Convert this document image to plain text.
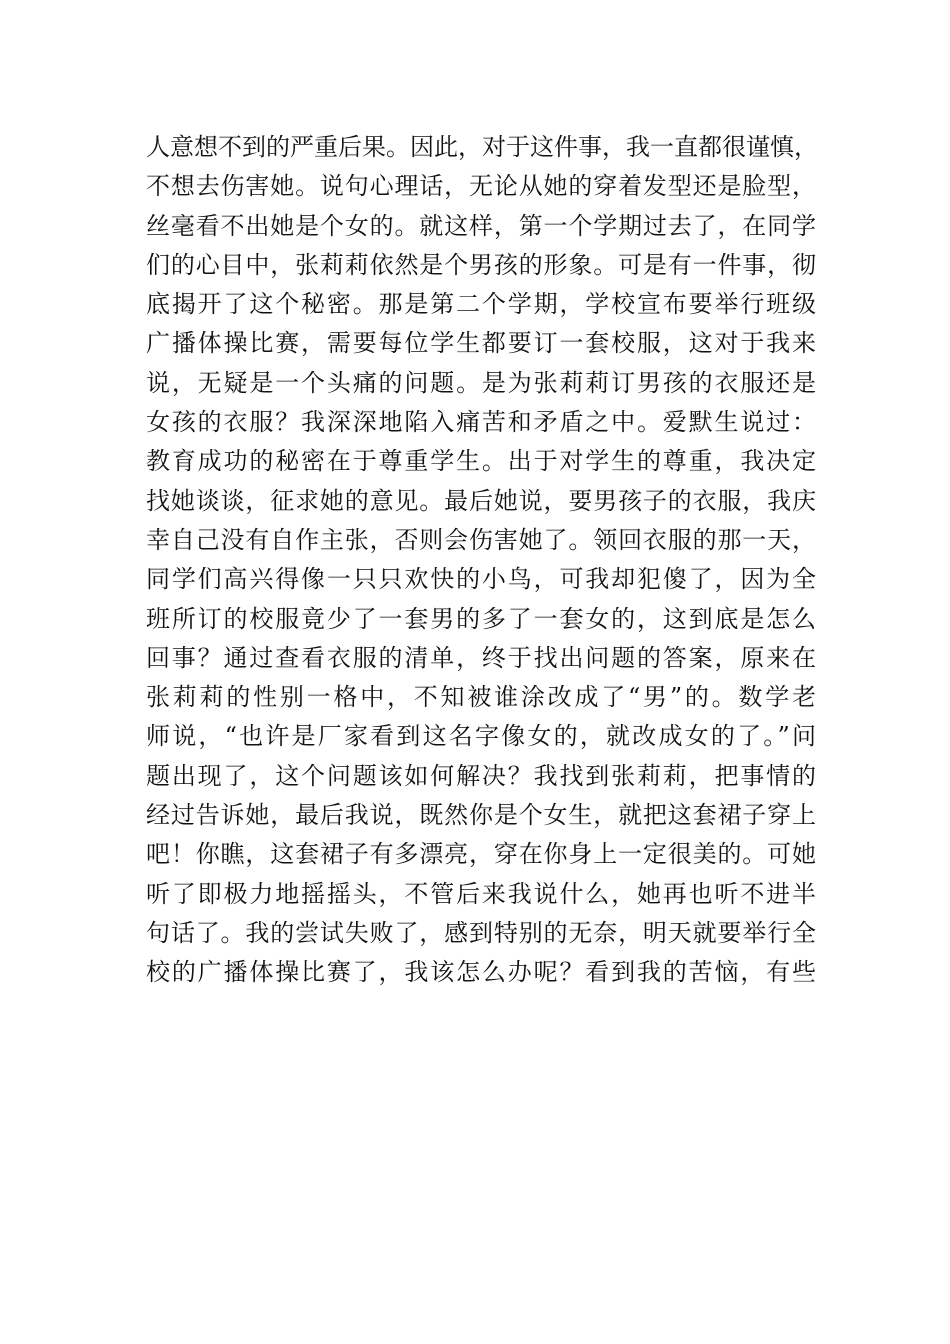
人意想不到的严重后果。因此，对于这件事，我一直都很谨慎，
不想去伤害她。说句心理话，无论从她的穿着发型还是脸型，
丝毫看不出她是个女的。就这样，第一个学期过去了，在同学
们的心目中，张莉莉依然是个男孩的形象。可是有一件事，彻
底揭开了这个秘密。那是第二个学期，学校宣布要举行班级
广播体操比赛，需要每位学生都要订一套校服，这对于我来
说，无疑是一个头痛的问题。是为张莉莉订男孩的衣服还是
女孩的衣服？我深深地陷入痛苦和矛盾之中。爱默生说过：
教育成功的秘密在于尊重学生。出于对学生的尊重，我决定
找她谈谈，征求她的意见。最后她说，要男孩子的衣服，我庆
幸自己没有自作主张，否则会伤害她了。领回衣服的那一天，
同学们高兴得像一只只欢快的小鸟，可我却犯傻了，因为全
班所订的校服竟少了一套男的多了一套女的，这到底是怎么
回事？通过查看衣服的清单，终于找出问题的答案，原来在
张莉莉的性别一格中，不知被谁涂改成了“男”的。数学老
师说，“也许是厂家看到这名字像女的，就改成女的了。”问
题出现了，这个问题该如何解决？我找到张莉莉，把事情的
经过告诉她，最后我说，既然你是个女生，就把这套裙子穿上
吧！你瞧，这套裙子有多漂亮，穿在你身上一定很美的。可她
听了即极力地摇摇头，不管后来我说什么，她再也听不进半
句话了。我的尝试失败了，感到特别的无奈，明天就要举行全
校的广播体操比赛了，我该怎么办呢？看到我的苦恼，有些
